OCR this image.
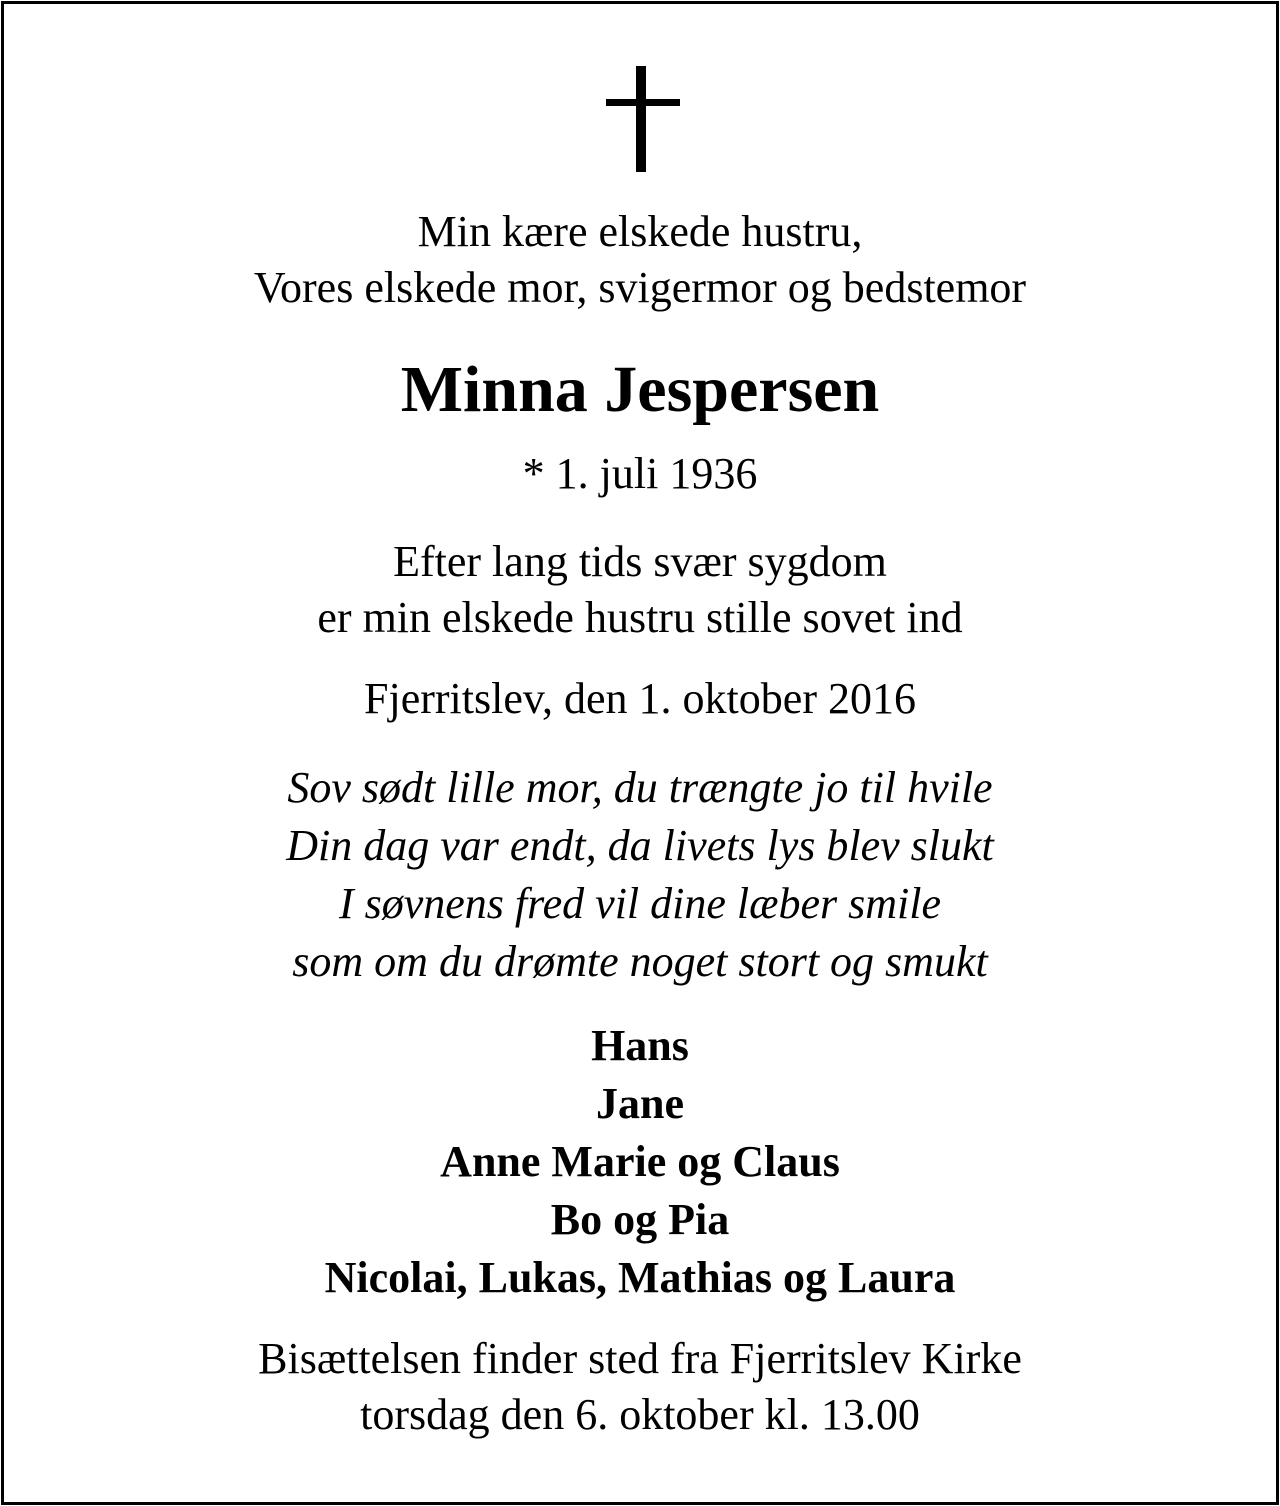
Min kære elskede hustru,
Vores elskede mor, svigermor og bedstemor
Minna Jespersen
* 1. juli 1936
Efter lang tids svær sygdom
er min elskede hustru stille sovet ind
Fjerritslev, den 1. oktober 2016
Sov sødt lille mor, du trængte jo til hvile
Din dag var endt, da livets lys blev slukt
I søvnens fred vil dine læber smile
som om du drømte noget stort og smukt
Hans
Jane
Anne Marie og Claus
Bo og Pia
Nicolai, Lukas, Mathias og Laura
Bisættelsen finder sted fra Fjerritslev Kirke
torsdag den 6. oktober kl. 13.00
